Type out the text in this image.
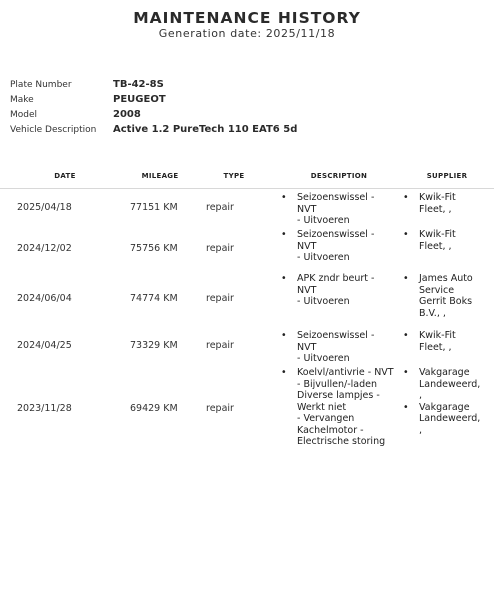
MAINTENANCE HISTORY
Generation date: 2025/11/18
Plate Number	TB-42-8S
Make	PEUGEOT
Model	2008
Vehicle Description	Active 1.2 PureTech 110 EAT6 5d
DATE	MILEAGE	TYPE	DESCRIPTION	SUPPLIER
2025/04/18	77151 KM	repair
•	Seizoenswissel -
NVT
- Uitvoeren
•	Kwik-Fit
Fleet, ,
2024/12/02	75756 KM	repair
•	Seizoenswissel -
NVT
- Uitvoeren
•	Kwik-Fit
Fleet, ,
2024/06/04	74774 KM	repair
•	APK zndr beurt -
NVT
- Uitvoeren
•	James Auto
Service
Gerrit Boks
B.V., ,
2024/04/25	73329 KM	repair
•	Seizoenswissel -
NVT
- Uitvoeren
•	Kwik-Fit
Fleet, ,
2023/11/28	69429 KM	repair
•	Koelvl/antivrie - NVT
- Bijvullen/-laden
Diverse lampjes -
Werkt niet
- Vervangen
Kachelmotor -
Electrische storing
•	Vakgarage
Landeweerd,
,
•	Vakgarage
Landeweerd,
,
